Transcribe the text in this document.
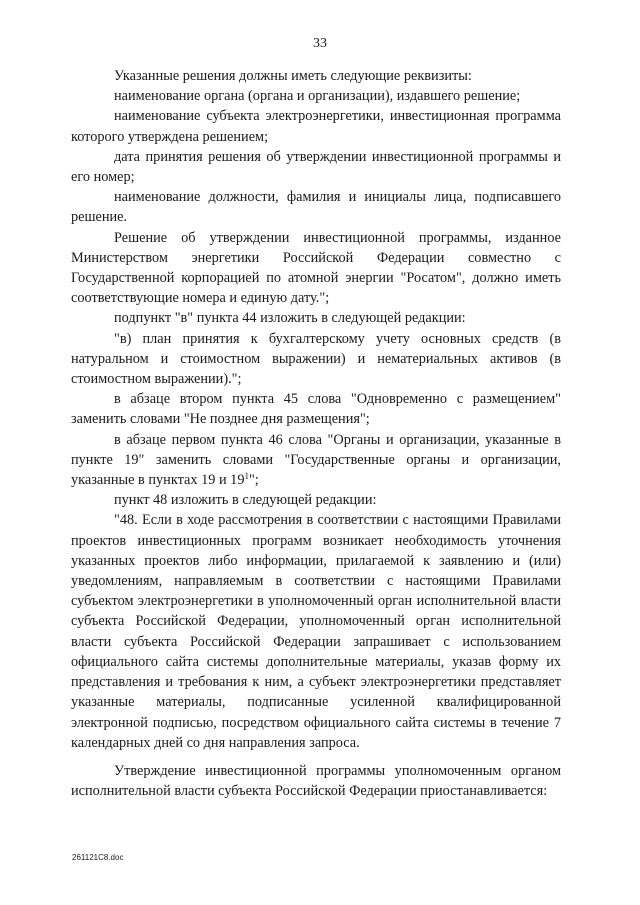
33

Указанные решения должны иметь следующие реквизиты:

наименование органа (органа и организации), издавшего решение;

наименование субъекта электроэнергетики, инвестиционная программа которого утверждена решением;

дата принятия решения об утверждении инвестиционной программы и его номер;

наименование должности, фамилия и инициалы лица, подписавшего решение.

Решение об утверждении инвестиционной программы, изданное Министерством энергетики Российской Федерации совместно с Государственной корпорацией по атомной энергии "Росатом", должно иметь соответствующие номера и единую дату.";

подпункт "в" пункта 44 изложить в следующей редакции:

"в) план принятия к бухгалтерскому учету основных средств (в натуральном и стоимостном выражении) и нематериальных активов (в стоимостном выражении).";

в абзаце втором пункта 45 слова "Одновременно с размещением" заменить словами "Не позднее дня размещения";

в абзаце первом пункта 46 слова "Органы и организации, указанные в пункте 19" заменить словами "Государственные органы и организации, указанные в пунктах 19 и $19^1$";

пункт 48 изложить в следующей редакции:

"48. Если в ходе рассмотрения в соответствии с настоящими Правилами проектов инвестиционных программ возникает необходимость уточнения указанных проектов либо информации, прилагаемой к заявлению и (или) уведомлениям, направляемым в соответствии с настоящими Правилами субъектом электроэнергетики в уполномоченный орган исполнительной власти субъекта Российской Федерации, уполномоченный орган исполнительной власти субъекта Российской Федерации запрашивает с использованием официального сайта системы дополнительные материалы, указав форму их представления и требования к ним, а субъект электроэнергетики представляет указанные материалы, подписанные усиленной квалифицированной электронной подписью, посредством официального сайта системы в течение 7 календарных дней со дня направления запроса.

Утверждение инвестиционной программы уполномоченным органом исполнительной власти субъекта Российской Федерации приостанавливается:

261121C8.doc
